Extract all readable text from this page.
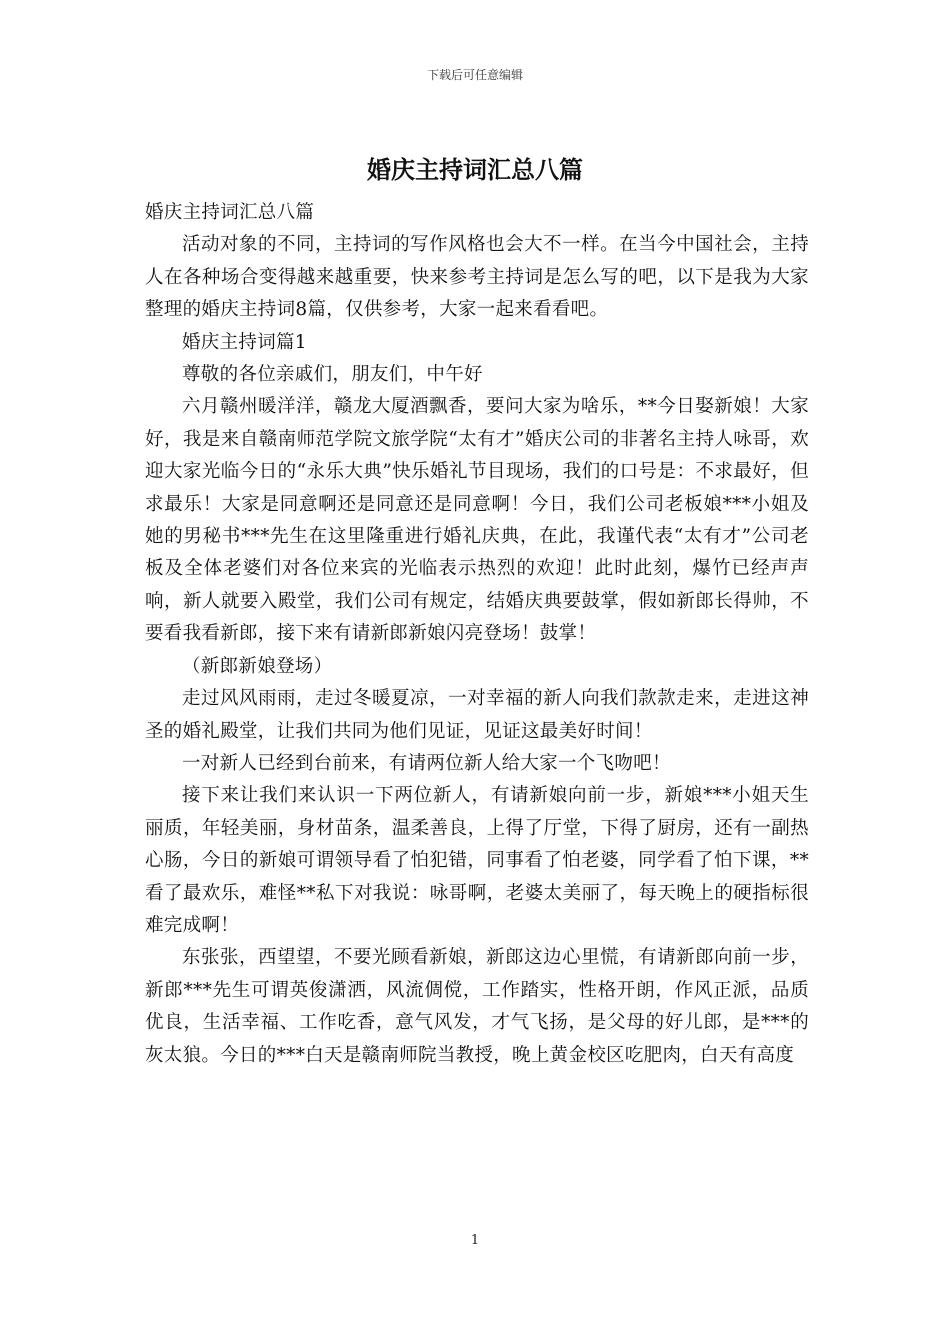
下载后可任意编辑
婚庆主持词汇总八篇

婚庆主持词汇总八篇

活动对象的不同，主持词的写作风格也会大不一样。在当今中国社会，主持人在各种场合变得越来越重要，快来参考主持词是怎么写的吧，以下是我为大家整理的婚庆主持词8篇，仅供参考，大家一起来看看吧。

婚庆主持词篇1

尊敬的各位亲戚们，朋友们，中午好

六月赣州暖洋洋，赣龙大厦酒飘香，要问大家为啥乐，**今日娶新娘！大家好，我是来自赣南师范学院文旅学院“太有才”婚庆公司的非著名主持人咏哥，欢迎大家光临今日的“永乐大典”快乐婚礼节目现场，我们的口号是：不求最好，但求最乐！大家是同意啊还是同意还是同意啊！今日，我们公司老板娘***小姐及她的男秘书***先生在这里隆重进行婚礼庆典，在此，我谨代表“太有才”公司老板及全体老婆们对各位来宾的光临表示热烈的欢迎！此时此刻，爆竹已经声声响，新人就要入殿堂，我们公司有规定，结婚庆典要鼓掌，假如新郎长得帅，不要看我看新郎，接下来有请新郎新娘闪亮登场！鼓掌！

（新郎新娘登场）

走过风风雨雨，走过冬暖夏凉，一对幸福的新人向我们款款走来，走进这神圣的婚礼殿堂，让我们共同为他们见证，见证这最美好时间！

一对新人已经到台前来，有请两位新人给大家一个飞吻吧！

接下来让我们来认识一下两位新人，有请新娘向前一步，新娘***小姐天生丽质，年轻美丽，身材苗条，温柔善良，上得了厅堂，下得了厨房，还有一副热心肠，今日的新娘可谓领导看了怕犯错，同事看了怕老婆，同学看了怕下课，**看了最欢乐，难怪**私下对我说：咏哥啊，老婆太美丽了，每天晚上的硬指标很难完成啊！

东张张，西望望，不要光顾看新娘，新郎这边心里慌，有请新郎向前一步，新郎***先生可谓英俊潇洒，风流倜傥，工作踏实，性格开朗，作风正派，品质优良，生活幸福、工作吃香，意气风发，才气飞扬，是父母的好儿郎，是***的灰太狼。今日的***白天是赣南师院当教授，晚上黄金校区吃肥肉，白天有高度

1
